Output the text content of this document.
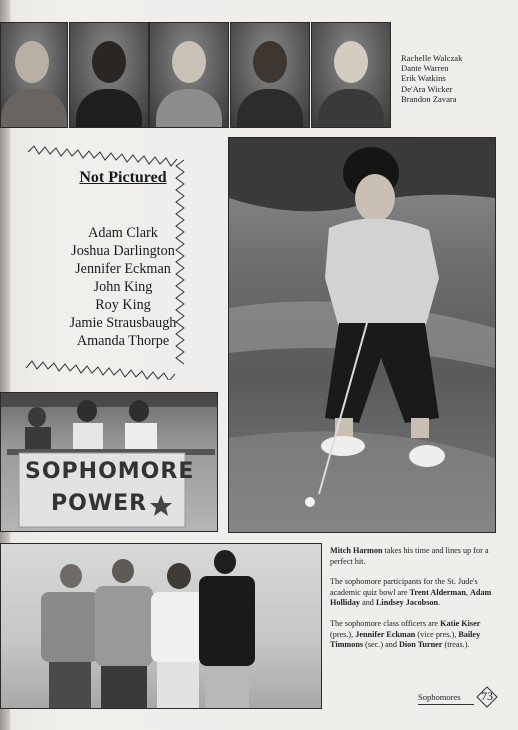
Rachelle Walczak
Dante Warren
Erik Watkins
De'Ara Wicker
Brandon Zavara
Not Pictured
Adam Clark
Joshua Darlington
Jennifer Eckman
John King
Roy King
Jamie Strausbaugh
Amanda Thorpe
SOPHOMORE
POWER

Mitch Harmon takes his time and lines up for a perfect hit.

The sophomore participants for the St. Jude's academic quiz bowl are Trent Alderman, Adam Holliday and Lindsey Jacobson.

The sophomore class officers are Katie Kiser (pres.), Jennifer Eckman (vice pres.), Bailey Timmons (sec.) and Dion Turner (treas.).

Sophomores	73
